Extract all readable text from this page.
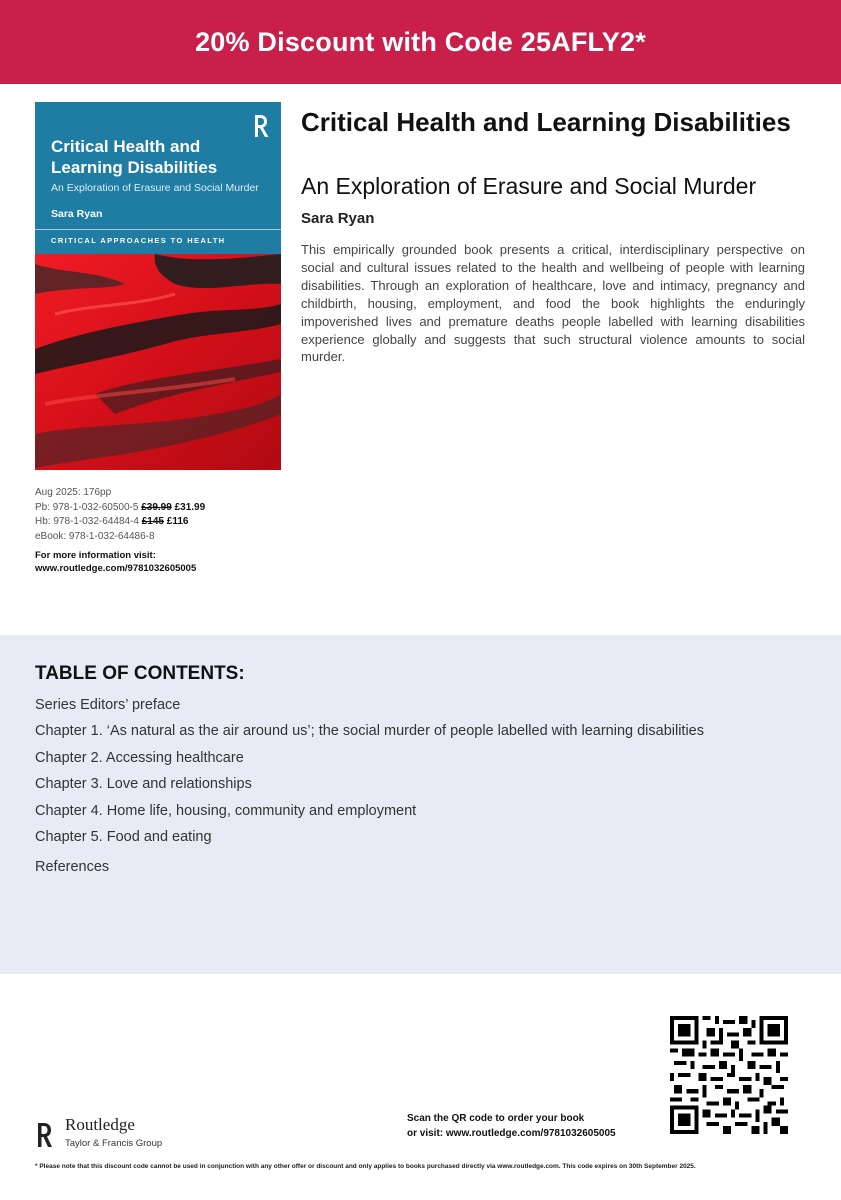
20% Discount with Code 25AFLY2*
Critical Health and
Learning Disabilities
An Exploration of Erasure and Social Murder
Sara Ryan
CRITICAL APPROACHES TO HEALTH
Critical Health and Learning Disabilities
An Exploration of Erasure and Social Murder
Sara Ryan

This empirically grounded book presents a critical, interdisciplinary perspective on social and cultural issues related to the health and wellbeing of people with learning disabilities. Through an exploration of healthcare, love and intimacy, pregnancy and childbirth, housing, employment, and food the book highlights the enduringly impoverished lives and premature deaths people labelled with learning disabilities experience globally and suggests that such structural violence amounts to social murder.

Aug 2025: 176pp
Pb: 978-1-032-60500-5 £39.99 £31.99
Hb: 978-1-032-64484-4 £145 £116
eBook: 978-1-032-64486-8
For more information visit:
www.routledge.com/9781032605005
TABLE OF CONTENTS:
Series Editors’ preface
Chapter 1. ‘As natural as the air around us’; the social murder of people labelled with learning disabilities
Chapter 2. Accessing healthcare
Chapter 3. Love and relationships
Chapter 4. Home life, housing, community and employment
Chapter 5. Food and eating
References
Routledge
Taylor & Francis Group
Scan the QR code to order your book
or visit: www.routledge.com/9781032605005
* Please note that this discount code cannot be used in conjunction with any other offer or discount and only applies to books purchased directly via www.routledge.com. This code expires on 30th September 2025.
